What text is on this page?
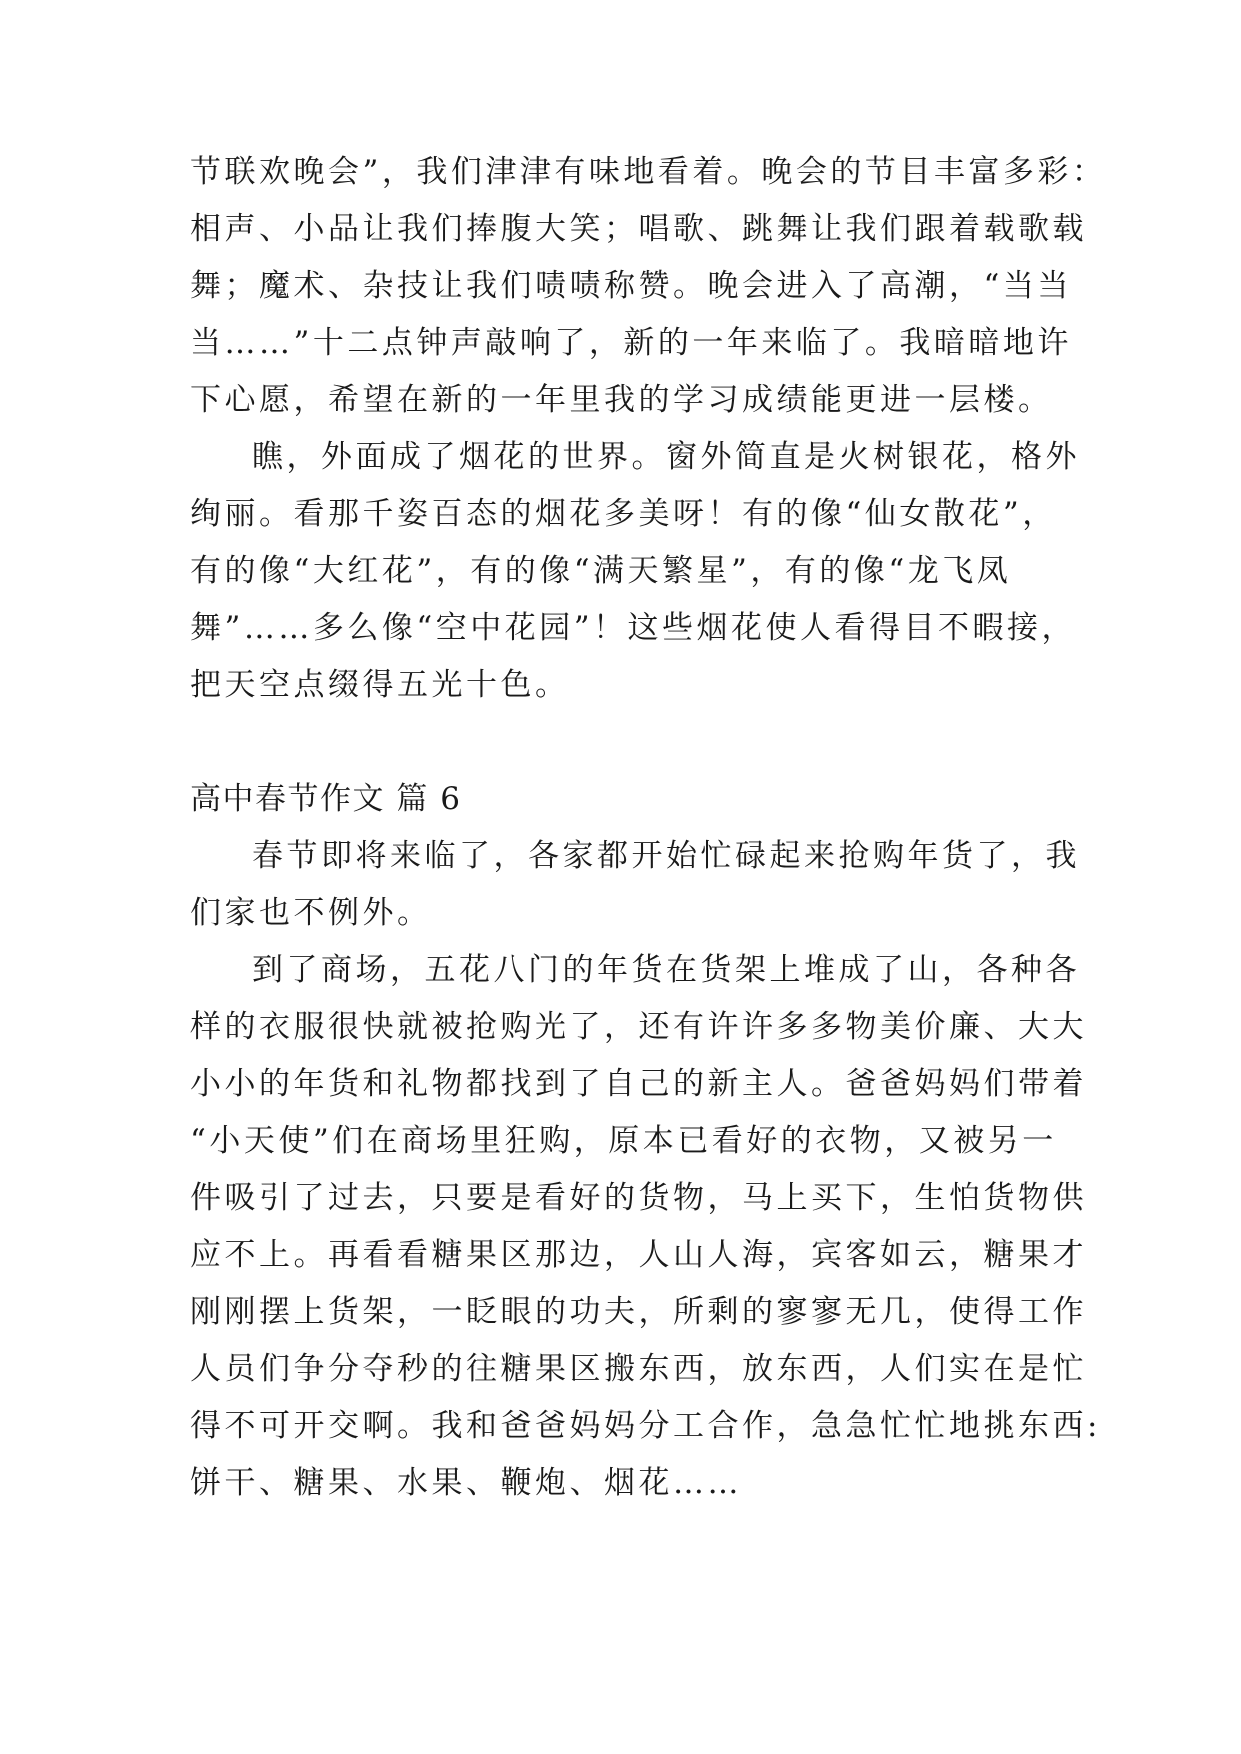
节联欢晚会”，我们津津有味地看着。晚会的节目丰富多彩：
相声、小品让我们捧腹大笑；唱歌、跳舞让我们跟着载歌载
舞；魔术、杂技让我们啧啧称赞。晚会进入了高潮，“当当
当……”十二点钟声敲响了，新的一年来临了。我暗暗地许
下心愿，希望在新的一年里我的学习成绩能更进一层楼。
瞧，外面成了烟花的世界。窗外简直是火树银花，格外
绚丽。看那千姿百态的烟花多美呀！有的像“仙女散花”，
有的像“大红花”，有的像“满天繁星”，有的像“龙飞凤
舞”……多么像“空中花园”！这些烟花使人看得目不暇接，
把天空点缀得五光十色。
高中春节作文 篇 6
春节即将来临了，各家都开始忙碌起来抢购年货了，我
们家也不例外。
到了商场，五花八门的年货在货架上堆成了山，各种各
样的衣服很快就被抢购光了，还有许许多多物美价廉、大大
小小的年货和礼物都找到了自己的新主人。爸爸妈妈们带着
“小天使”们在商场里狂购，原本已看好的衣物，又被另一
件吸引了过去，只要是看好的货物，马上买下，生怕货物供
应不上。再看看糖果区那边，人山人海，宾客如云，糖果才
刚刚摆上货架，一眨眼的功夫，所剩的寥寥无几，使得工作
人员们争分夺秒的往糖果区搬东西，放东西，人们实在是忙
得不可开交啊。我和爸爸妈妈分工合作，急急忙忙地挑东西:
饼干、糖果、水果、鞭炮、烟花……
